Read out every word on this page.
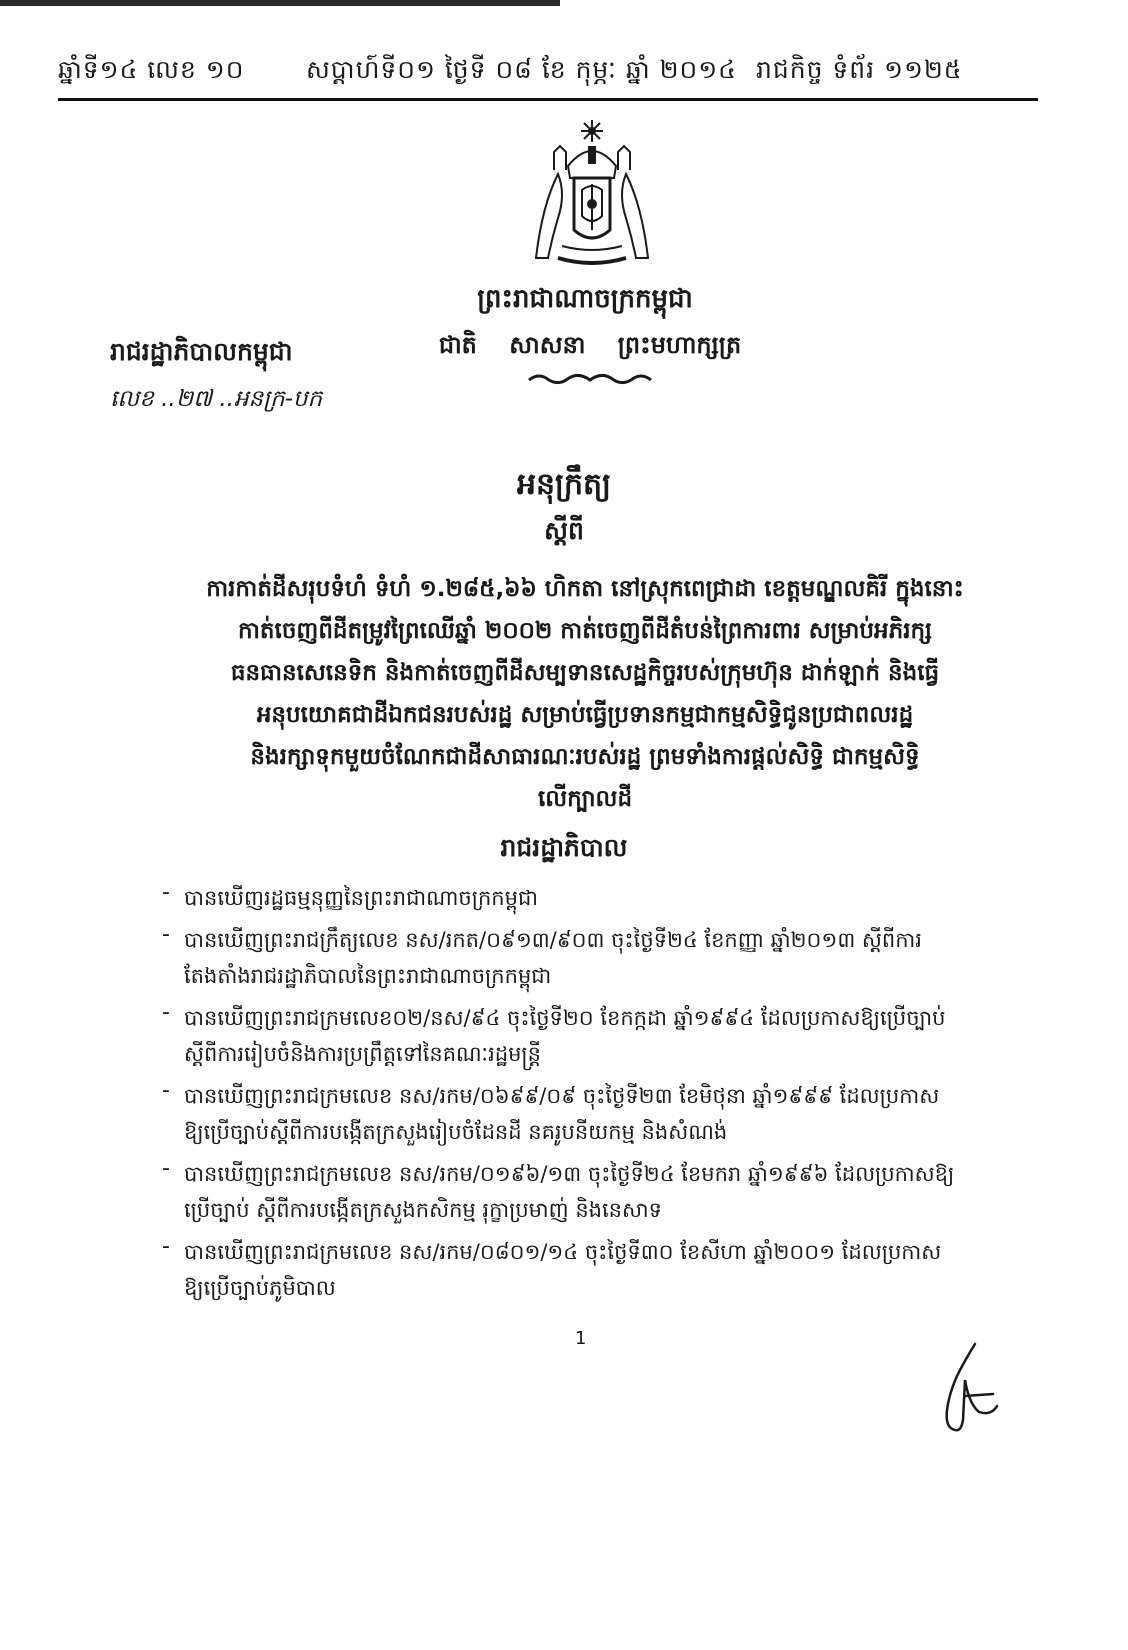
ឆ្នាំទី១៤ លេខ ១០ សប្តាហ៍ទី០១ ថ្ងៃទី ០៨ ខែ កុម្ភៈ ឆ្នាំ ២០១៤ រាជកិច្ច ទំព័រ ១១២៥
ព្រះរាជាណាចក្រកម្ពុជា
ជាតិ សាសនា ព្រះមហាក្សត្រ
រាជរដ្ឋាភិបាលកម្ពុជា
លេខ ..២៧ ..អនក្រ-បក
អនុក្រឹត្យ
ស្តីពី
ការកាត់ដីសរុបទំហំ ទំហំ ១.២៨៥,៦៦ ហិកតា នៅស្រុកពេជ្រាដា ខេត្តមណ្ឌលគិរី ក្នុងនោះ
កាត់ចេញពីដីតម្រូវព្រៃឈើឆ្នាំ ២០០២ កាត់ចេញពីដីតំបន់ព្រៃការពារ សម្រាប់អភិរក្ស
ធនធានសេនេទិក និងកាត់ចេញពីដីសម្បទានសេដ្ឋកិច្ចរបស់ក្រុមហ៊ុន ដាក់ឡាក់ និងធ្វើ
អនុបយោគជាដីឯកជនរបស់រដ្ឋ សម្រាប់ធ្វើប្រទានកម្មជាកម្មសិទ្ធិជូនប្រជាពលរដ្ឋ
និងរក្សាទុកមួយចំណែកជាដីសាធារណៈរបស់រដ្ឋ ព្រមទាំងការផ្តល់សិទ្ធិ ជាកម្មសិទ្ធិ
លើក្បាលដី
រាជរដ្ឋាភិបាល
- បានឃើញរដ្ឋធម្មនុញ្ញនៃព្រះរាជាណាចក្រកម្ពុជា
- បានឃើញព្រះរាជក្រឹត្យលេខ នស/រកត/០៩១៣/៩០៣ ចុះថ្ងៃទី២៤ ខែកញ្ញា ឆ្នាំ២០១៣ ស្តីពីការ
តែងតាំងរាជរដ្ឋាភិបាលនៃព្រះរាជាណាចក្រកម្ពុជា
- បានឃើញព្រះរាជក្រមលេខ០២/នស/៩៤ ចុះថ្ងៃទី២០ ខែកក្កដា ឆ្នាំ១៩៩៤ ដែលប្រកាសឱ្យប្រើច្បាប់
ស្តីពីការរៀបចំនិងការប្រព្រឹត្តទៅនៃគណៈរដ្ឋមន្ត្រី
- បានឃើញព្រះរាជក្រមលេខ នស/រកម/០៦៩៩/០៩ ចុះថ្ងៃទី២៣ ខែមិថុនា ឆ្នាំ១៩៩៩ ដែលប្រកាស
ឱ្យប្រើច្បាប់ស្តីពីការបង្កើតក្រសួងរៀបចំដែនដី នគរូបនីយកម្ម និងសំណង់
- បានឃើញព្រះរាជក្រមលេខ នស/រកម/០១៩៦/១៣ ចុះថ្ងៃទី២៤ ខែមករា ឆ្នាំ១៩៩៦ ដែលប្រកាសឱ្យ
ប្រើច្បាប់ ស្តីពីការបង្កើតក្រសួងកសិកម្ម រុក្ខាប្រមាញ់ និងនេសាទ
- បានឃើញព្រះរាជក្រមលេខ នស/រកម/០៨០១/១៤ ចុះថ្ងៃទី៣០ ខែសីហា ឆ្នាំ២០០១ ដែលប្រកាស
ឱ្យប្រើច្បាប់ភូមិបាល
1
